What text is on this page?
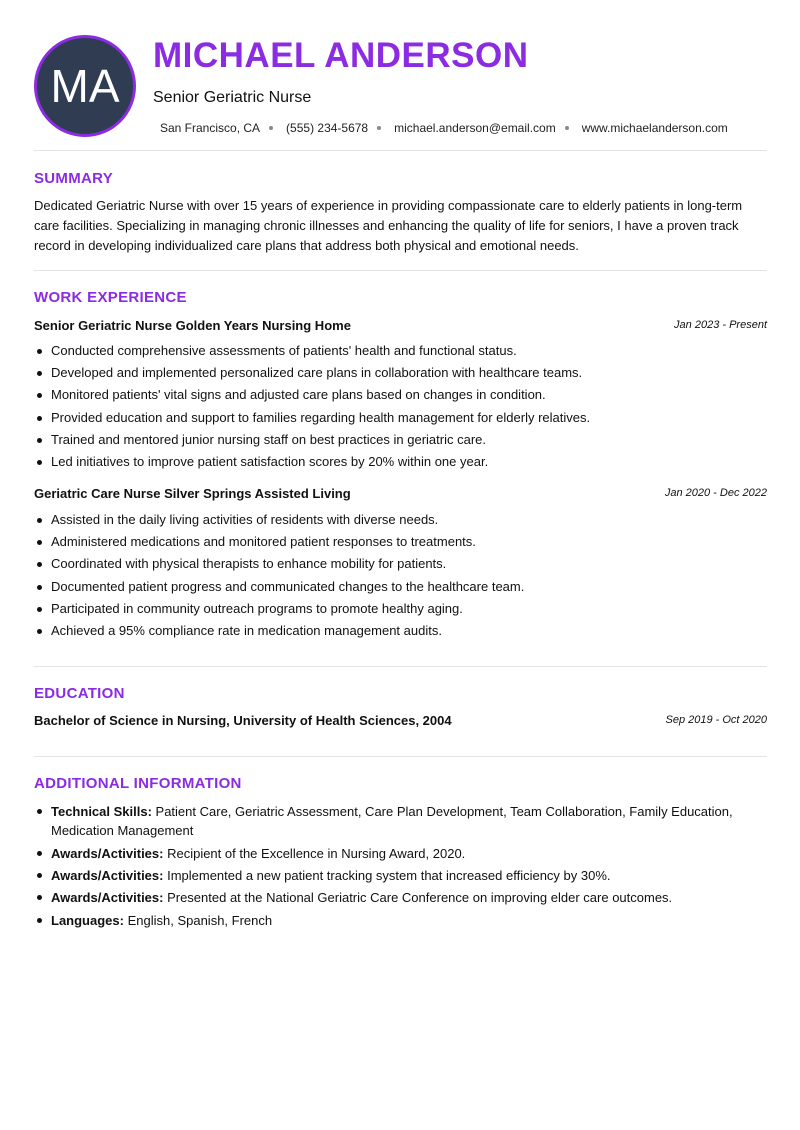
MA
MICHAEL ANDERSON
Senior Geriatric Nurse
San Francisco, CA (555) 234-5678 michael.anderson@email.com www.michaelanderson.com
SUMMARY

Dedicated Geriatric Nurse with over 15 years of experience in providing compassionate care to elderly patients in long-term care facilities. Specializing in managing chronic illnesses and enhancing the quality of life for seniors, I have a proven track record in developing individualized care plans that address both physical and emotional needs.

WORK EXPERIENCE
Senior Geriatric Nurse Golden Years Nursing Home	Jan 2023 - Present
Conducted comprehensive assessments of patients' health and functional status.
Developed and implemented personalized care plans in collaboration with healthcare teams.
Monitored patients' vital signs and adjusted care plans based on changes in condition.
Provided education and support to families regarding health management for elderly relatives.
Trained and mentored junior nursing staff on best practices in geriatric care.
Led initiatives to improve patient satisfaction scores by 20% within one year.
Geriatric Care Nurse Silver Springs Assisted Living	Jan 2020 - Dec 2022
Assisted in the daily living activities of residents with diverse needs.
Administered medications and monitored patient responses to treatments.
Coordinated with physical therapists to enhance mobility for patients.
Documented patient progress and communicated changes to the healthcare team.
Participated in community outreach programs to promote healthy aging.
Achieved a 95% compliance rate in medication management audits.
EDUCATION
Bachelor of Science in Nursing, University of Health Sciences, 2004	Sep 2019 - Oct 2020
ADDITIONAL INFORMATION
Technical Skills: Patient Care, Geriatric Assessment, Care Plan Development, Team Collaboration, Family Education, Medication Management
Awards/Activities: Recipient of the Excellence in Nursing Award, 2020.
Awards/Activities: Implemented a new patient tracking system that increased efficiency by 30%.
Awards/Activities: Presented at the National Geriatric Care Conference on improving elder care outcomes.
Languages: English, Spanish, French
